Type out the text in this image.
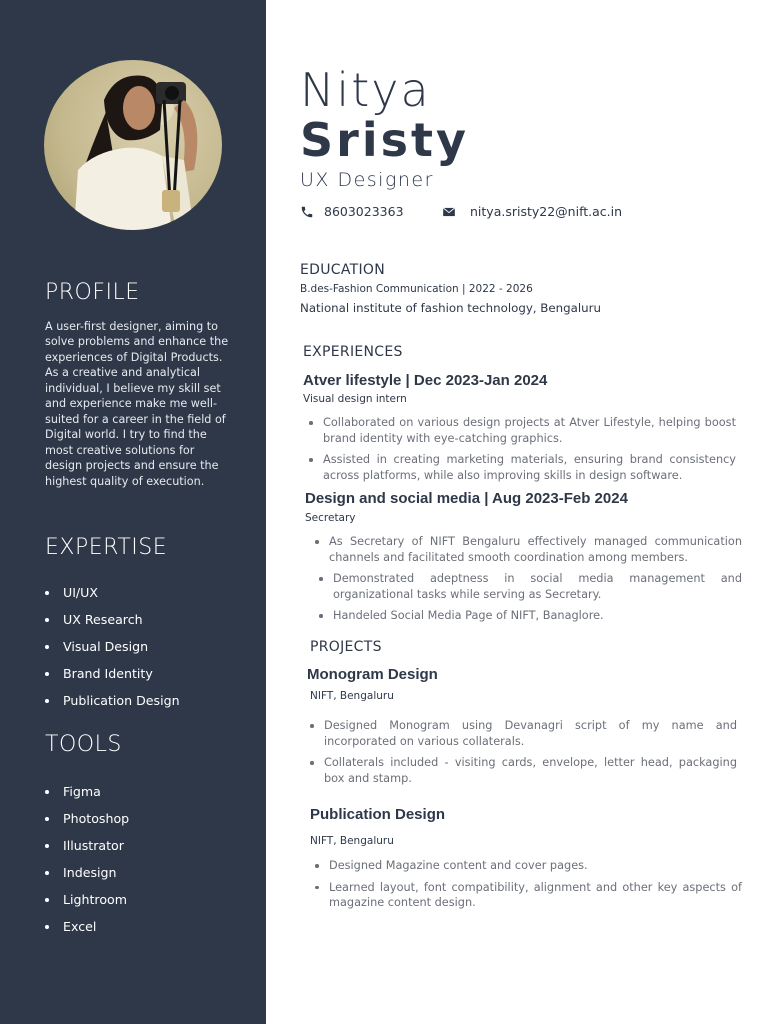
PROFILE

A user-first designer, aiming to solve problems and enhance the experiences of Digital Products. As a creative and analytical individual, I believe my skill set and experience make me well-suited for a career in the field of Digital world. I try to find the most creative solutions for design projects and ensure the highest quality of execution.

EXPERTISE
UI/UX
UX Research
Visual Design
Brand Identity
Publication Design
TOOLS
Figma
Photoshop
Illustrator
Indesign
Lightroom
Excel
Nitya
Sristy
UX Designer
8603023363	nitya.sristy22@nift.ac.in
EDUCATION
B.des-Fashion Communication | 2022 - 2026
National institute of fashion technology, Bengaluru
EXPERIENCES
Atver lifestyle | Dec 2023-Jan 2024
Visual design intern
Collaborated on various design projects at Atver Lifestyle, helping boost brand identity with eye-catching graphics.
Assisted in creating marketing materials, ensuring brand consistency across platforms, while also improving skills in design software.
Design and social media | Aug 2023-Feb 2024
Secretary
As Secretary of NIFT Bengaluru effectively managed communication channels and facilitated smooth coordination among members.
Demonstrated adeptness in social media management and organizational tasks while serving as Secretary.
Handeled Social Media Page of NIFT, Banaglore.
PROJECTS
Monogram Design
NIFT, Bengaluru
Designed Monogram using Devanagri script of my name and incorporated on various collaterals.
Collaterals included - visiting cards, envelope, letter head, packaging box and stamp.
Publication Design
NIFT, Bengaluru
Designed Magazine content and cover pages.
Learned layout, font compatibility, alignment and other key aspects of magazine content design.
